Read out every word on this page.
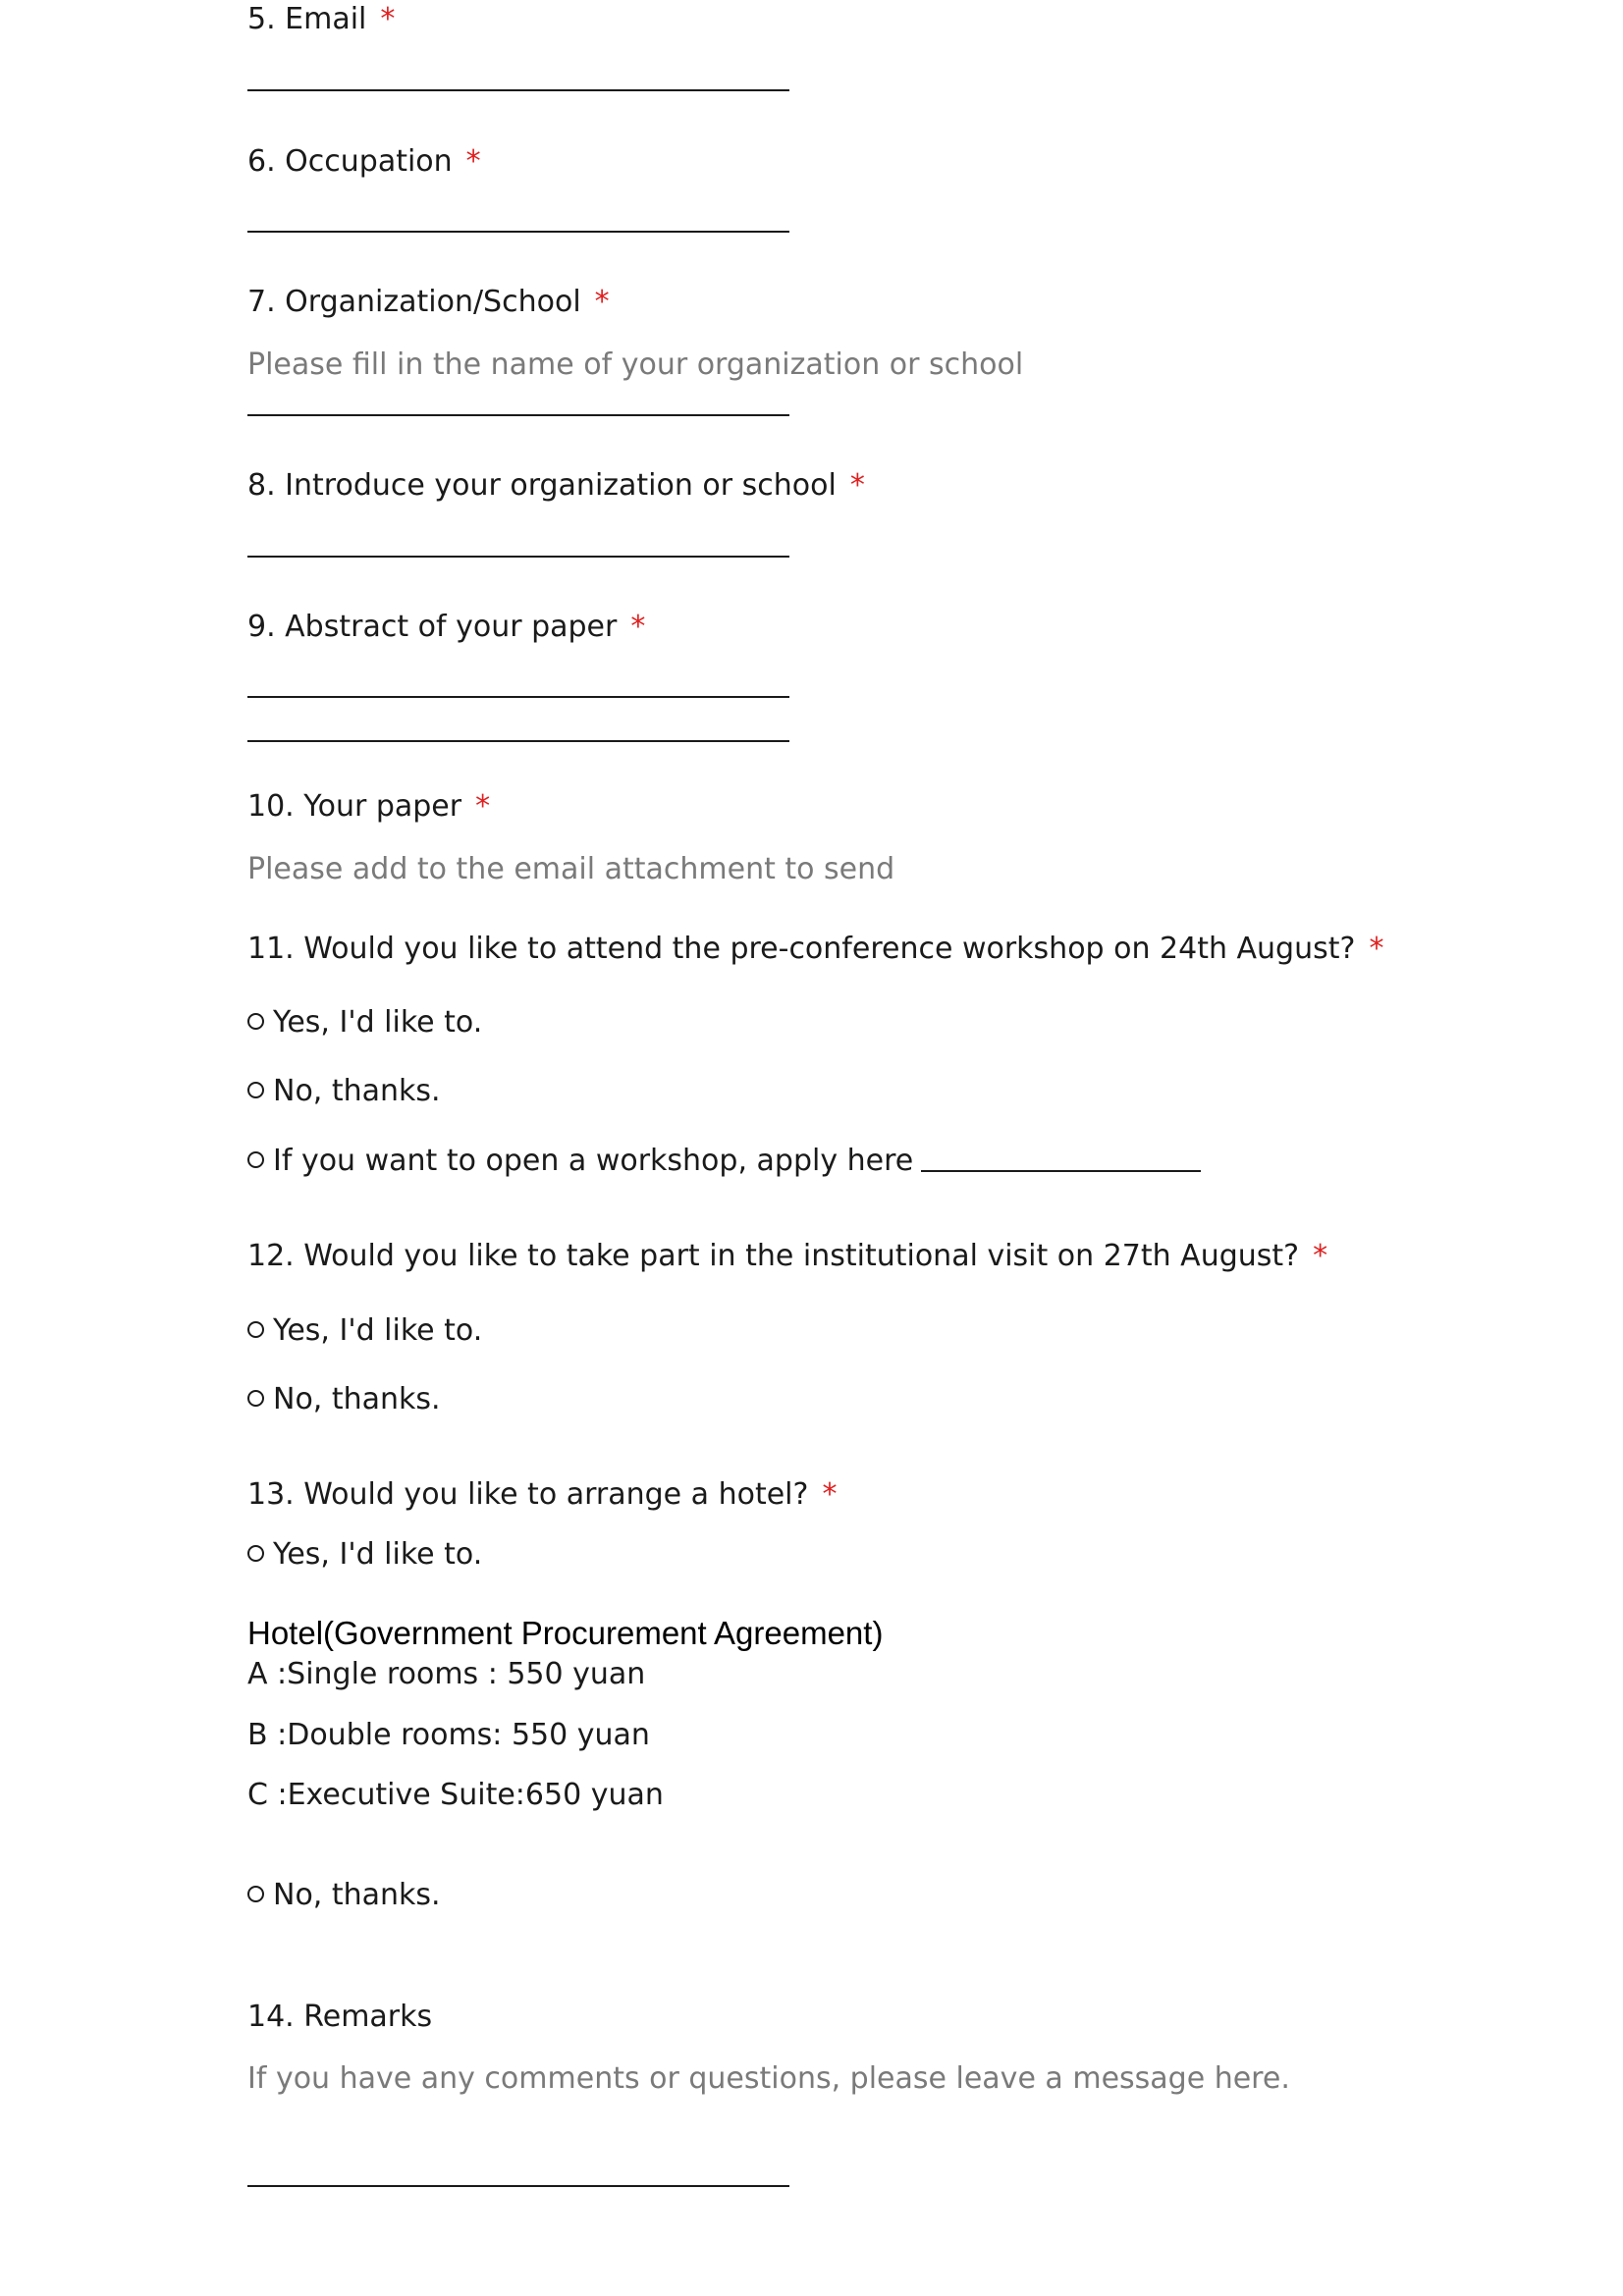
5. Email *
6. Occupation *
7. Organization/School *
Please fill in the name of your organization or school
8. Introduce your organization or school *
9. Abstract of your paper *
10. Your paper *
Please add to the email attachment to send
11. Would you like to attend the pre-conference workshop on 24th August? *
Yes, I'd like to.
No, thanks.
If you want to open a workshop, apply here
12. Would you like to take part in the institutional visit on 27th August? *
Yes, I'd like to.
No, thanks.
13. Would you like to arrange a hotel? *
Yes, I'd like to.
Hotel(Government Procurement Agreement)
A :Single rooms : 550 yuan
B :Double rooms: 550 yuan
C :Executive Suite:650 yuan
No, thanks.
14. Remarks
If you have any comments or questions, please leave a message here.
